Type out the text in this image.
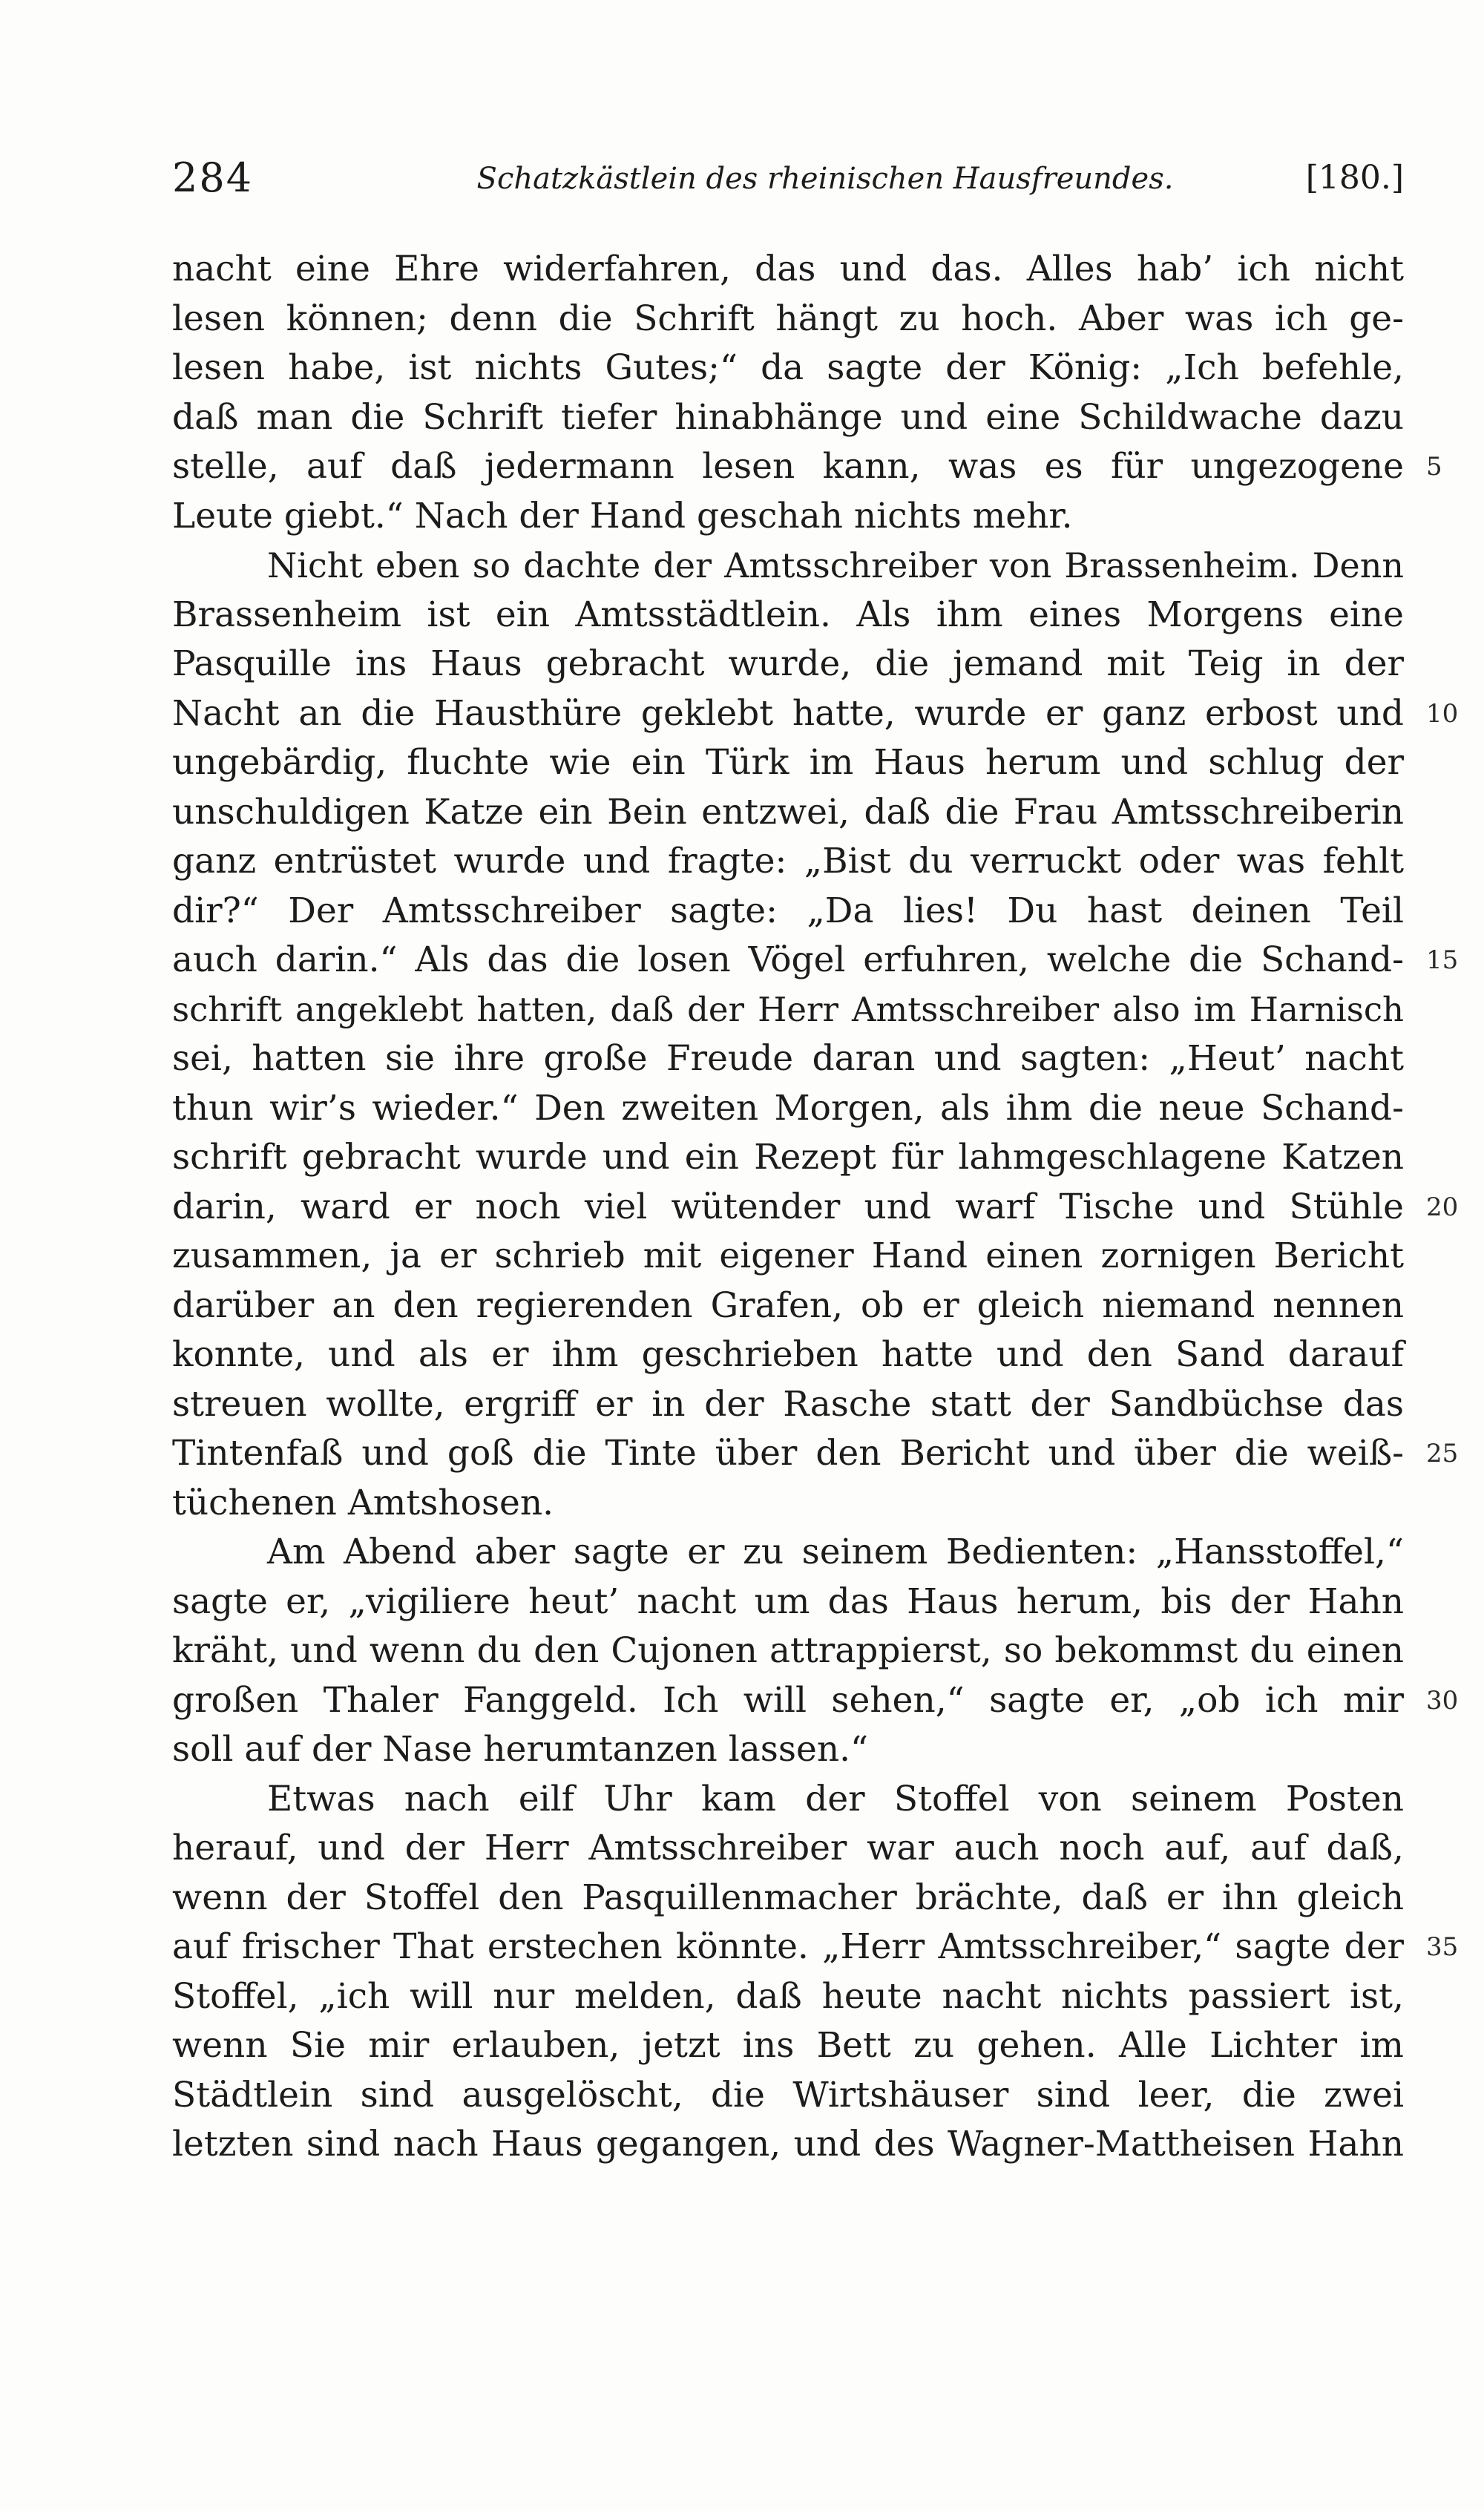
284	Schatzkästlein des rheinischen Hausfreundes.	[180.]
nacht eine Ehre widerfahren, das und das. Alles hab’ ich nicht
lesen können; denn die Schrift hängt zu hoch. Aber was ich ge-
lesen habe, ist nichts Gutes;“ da sagte der König: „Ich befehle,
daß man die Schrift tiefer hinabhänge und eine Schildwache dazu
stelle, auf daß jedermann lesen kann, was es für ungezogene 5
Leute giebt.“ Nach der Hand geschah nichts mehr.
Nicht eben so dachte der Amtsschreiber von Brassenheim. Denn
Brassenheim ist ein Amtsstädtlein. Als ihm eines Morgens eine
Pasquille ins Haus gebracht wurde, die jemand mit Teig in der
Nacht an die Hausthüre geklebt hatte, wurde er ganz erbost und 10
ungebärdig, fluchte wie ein Türk im Haus herum und schlug der
unschuldigen Katze ein Bein entzwei, daß die Frau Amtsschreiberin
ganz entrüstet wurde und fragte: „Bist du verruckt oder was fehlt
dir?“ Der Amtsschreiber sagte: „Da lies! Du hast deinen Teil
auch darin.“ Als das die losen Vögel erfuhren, welche die Schand- 15
schrift angeklebt hatten, daß der Herr Amtsschreiber also im Harnisch
sei, hatten sie ihre große Freude daran und sagten: „Heut’ nacht
thun wir’s wieder.“ Den zweiten Morgen, als ihm die neue Schand-
schrift gebracht wurde und ein Rezept für lahmgeschlagene Katzen
darin, ward er noch viel wütender und warf Tische und Stühle 20
zusammen, ja er schrieb mit eigener Hand einen zornigen Bericht
darüber an den regierenden Grafen, ob er gleich niemand nennen
konnte, und als er ihm geschrieben hatte und den Sand darauf
streuen wollte, ergriff er in der Rasche statt der Sandbüchse das
Tintenfaß und goß die Tinte über den Bericht und über die weiß- 25
tüchenen Amtshosen.
Am Abend aber sagte er zu seinem Bedienten: „Hansstoffel,“
sagte er, „vigiliere heut’ nacht um das Haus herum, bis der Hahn
kräht, und wenn du den Cujonen attrappierst, so bekommst du einen
großen Thaler Fanggeld. Ich will sehen,“ sagte er, „ob ich mir 30
soll auf der Nase herumtanzen lassen.“
Etwas nach eilf Uhr kam der Stoffel von seinem Posten
herauf, und der Herr Amtsschreiber war auch noch auf, auf daß,
wenn der Stoffel den Pasquillenmacher brächte, daß er ihn gleich
auf frischer That erstechen könnte. „Herr Amtsschreiber,“ sagte der 35
Stoffel, „ich will nur melden, daß heute nacht nichts passiert ist,
wenn Sie mir erlauben, jetzt ins Bett zu gehen. Alle Lichter im
Städtlein sind ausgelöscht, die Wirtshäuser sind leer, die zwei
letzten sind nach Haus gegangen, und des Wagner-Mattheisen Hahn
